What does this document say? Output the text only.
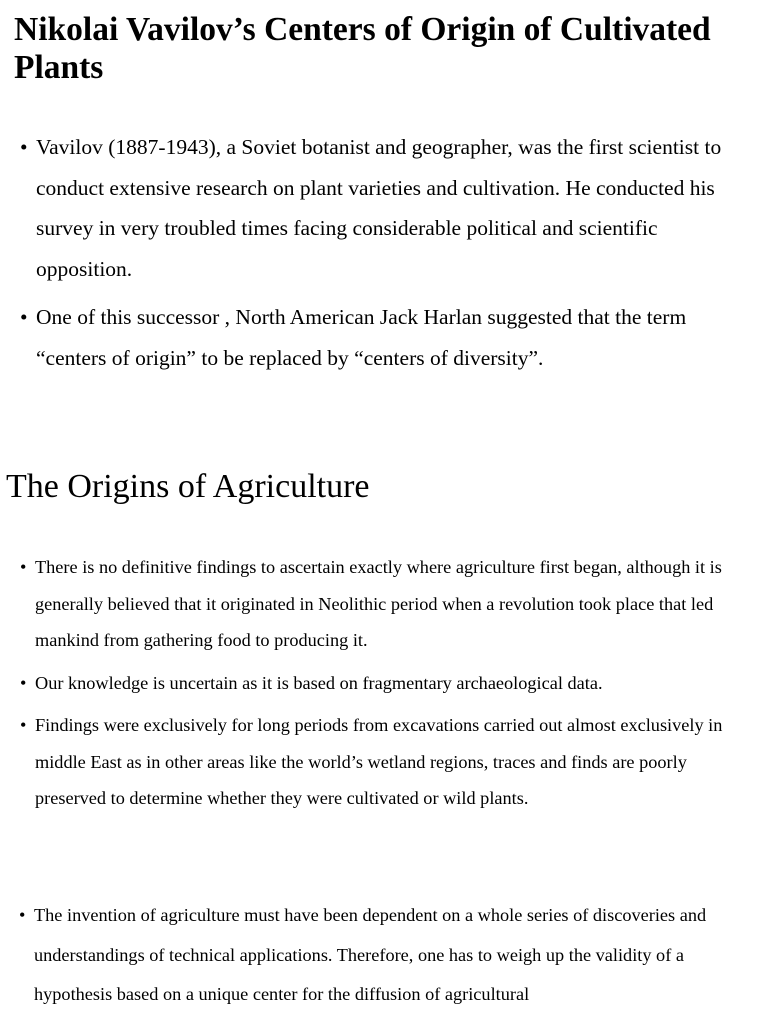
Nikolai Vavilov’s Centers of Origin of Cultivated Plants
• Vavilov (1887-1943), a Soviet botanist and geographer, was the first scientist to conduct extensive research on plant varieties and cultivation. He conducted his survey in very troubled times facing considerable political and scientific opposition.
• One of this successor , North American Jack Harlan suggested that the term “centers of origin” to be replaced by “centers of diversity”.
The Origins of Agriculture
• There is no definitive findings to ascertain exactly where agriculture first began, although it is generally believed that it originated in Neolithic period when a revolution took place that led mankind from gathering food to producing it.
• Our knowledge is uncertain as it is based on fragmentary archaeological data.
• Findings were exclusively for long periods from excavations carried out almost exclusively in middle East as in other areas like the world’s wetland regions, traces and finds are poorly preserved to determine whether they were cultivated or wild plants.
• The invention of agriculture must have been dependent on a whole series of discoveries and understandings of technical applications. Therefore, one has to weigh up the validity of a hypothesis based on a unique center for the diffusion of agricultural
